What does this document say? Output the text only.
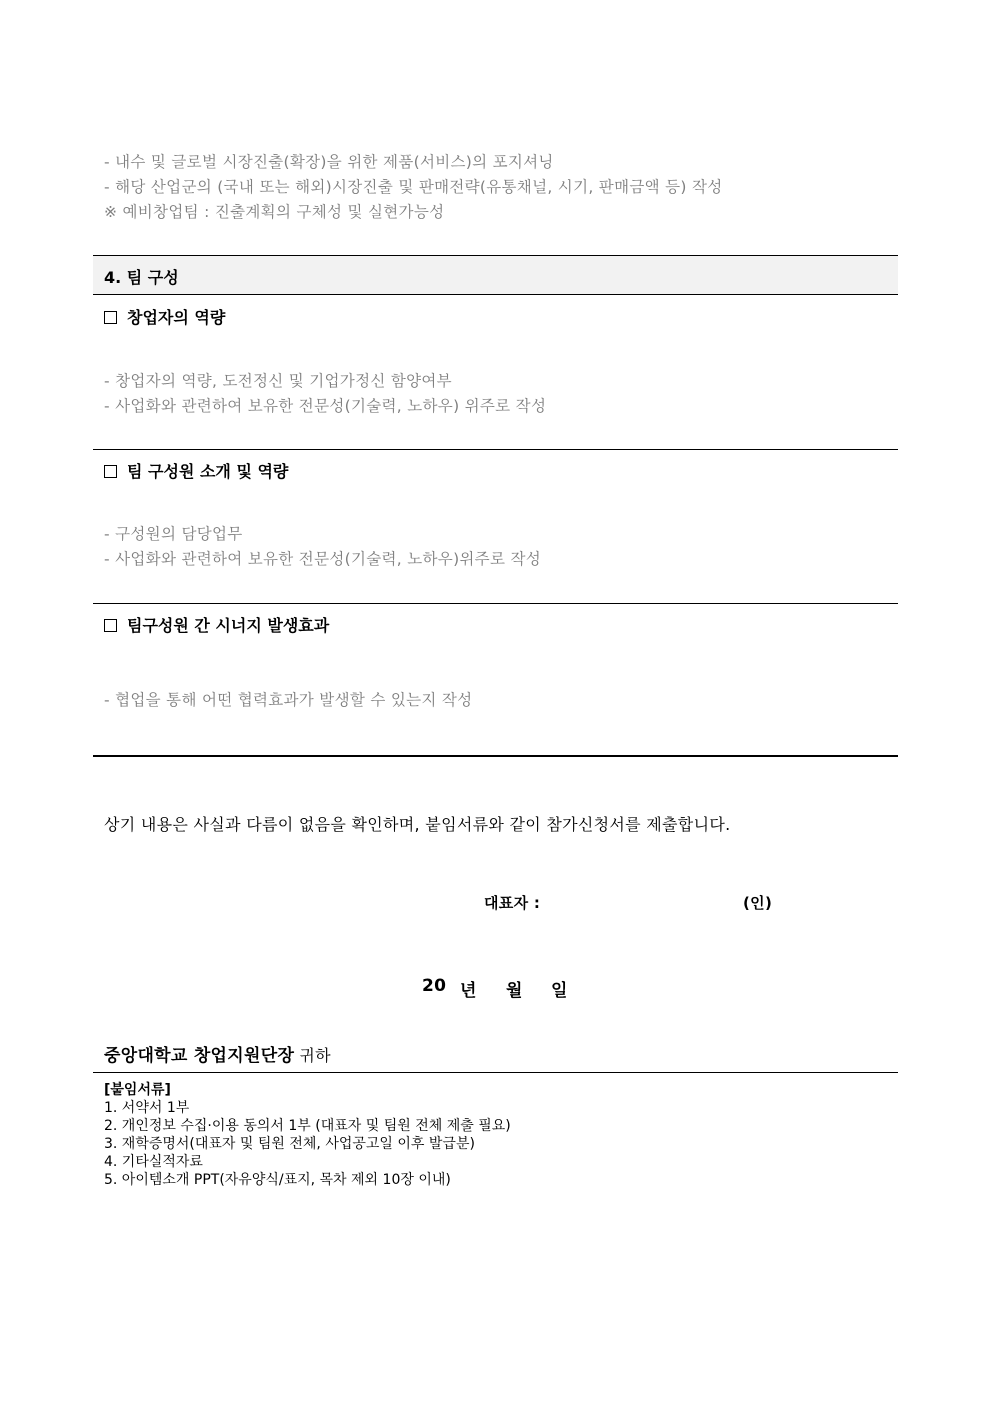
- 내수 및 글로벌 시장진출(확장)을 위한 제품(서비스)의 포지셔닝
- 해당 산업군의 (국내 또는 해외)시장진출 및 판매전략(유통채널, 시기, 판매금액 등) 작성
※ 예비창업팀 : 진출계획의 구체성 및 실현가능성
4. 팀 구성
창업자의 역량
- 창업자의 역량, 도전정신 및 기업가정신 함양여부
- 사업화와 관련하여 보유한 전문성(기술력, 노하우) 위주로 작성
팀 구성원 소개 및 역량
- 구성원의 담당업무
- 사업화와 관련하여 보유한 전문성(기술력, 노하우)위주로 작성
팀구성원 간 시너지 발생효과
- 협업을 통해 어떤 협력효과가 발생할 수 있는지 작성
상기 내용은 사실과 다름이 없음을 확인하며, 붙임서류와 같이 참가신청서를 제출합니다.
대표자 :	(인)
20 년 월 일
중앙대학교 창업지원단장 귀하
[붙임서류]
1. 서약서 1부
2. 개인정보 수집·이용 동의서 1부 (대표자 및 팀원 전체 제출 필요)
3. 재학증명서(대표자 및 팀원 전체, 사업공고일 이후 발급분)
4. 기타실적자료
5. 아이템소개 PPT(자유양식/표지, 목차 제외 10장 이내)
